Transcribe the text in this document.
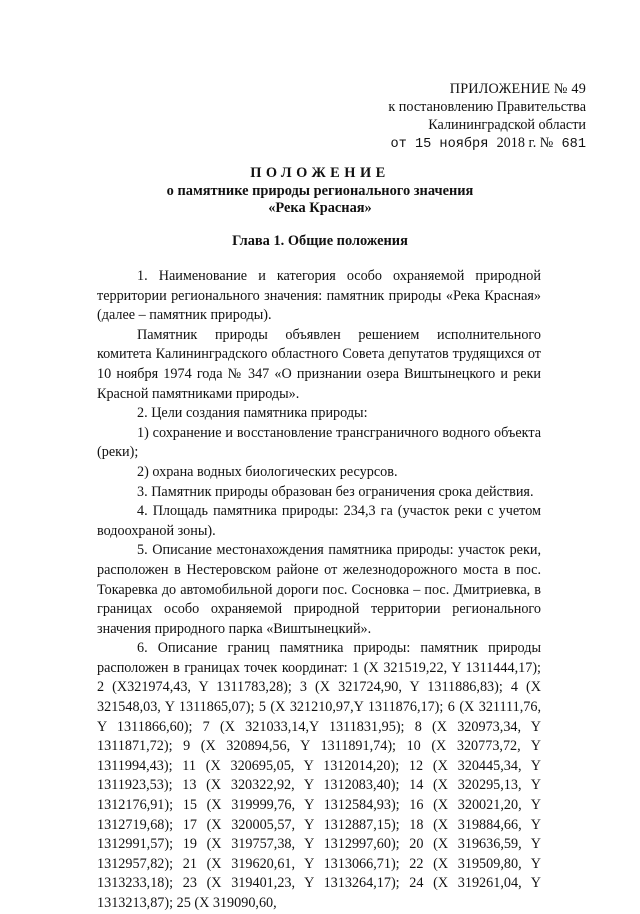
ПРИЛОЖЕНИЕ № 49
к постановлению Правительства
Калининградской области
от 15 ноября 2018 г. № 681
ПОЛОЖЕНИЕ
о памятнике природы регионального значения
«Река Красная»
Глава 1. Общие положения

1. Наименование и категория особо охраняемой природной территории регионального значения: памятник природы «Река Красная» (далее – памятник природы).

Памятник природы объявлен решением исполнительного комитета Калининградского областного Совета депутатов трудящихся от 10 ноября 1974 года № 347 «О признании озера Виштынецкого и реки Красной памятниками природы».

2. Цели создания памятника природы:

1) сохранение и восстановление трансграничного водного объекта (реки);

2) охрана водных биологических ресурсов.

3. Памятник природы образован без ограничения срока действия.

4. Площадь памятника природы: 234,3 га (участок реки с учетом водоохраной зоны).

5. Описание местонахождения памятника природы: участок реки, расположен в Нестеровском районе от железнодорожного моста в пос. Токаревка до автомобильной дороги пос. Сосновка – пос. Дмитриевка, в границах особо охраняемой природной территории регионального значения природного парка «Виштынецкий».

6. Описание границ памятника природы: памятник природы расположен в границах точек координат: 1 (X 321519,22, Y 1311444,17); 2 (X321974,43, Y 1311783,28); 3 (X 321724,90, Y 1311886,83); 4 (X 321548,03, Y 1311865,07); 5 (X 321210,97,Y 1311876,17); 6 (X 321111,76, Y 1311866,60); 7 (X 321033,14,Y 1311831,95); 8 (X 320973,34, Y 1311871,72); 9 (X 320894,56, Y 1311891,74); 10 (X 320773,72, Y 1311994,43); 11 (X 320695,05, Y 1312014,20); 12 (X 320445,34, Y 1311923,53); 13 (X 320322,92, Y 1312083,40); 14 (X 320295,13, Y 1312176,91); 15 (X 319999,76, Y 1312584,93); 16 (X 320021,20, Y 1312719,68); 17 (X 320005,57, Y 1312887,15); 18 (X 319884,66, Y 1312991,57); 19 (X 319757,38, Y 1312997,60); 20 (X 319636,59, Y 1312957,82); 21 (X 319620,61, Y 1313066,71); 22 (X 319509,80, Y 1313233,18); 23 (X 319401,23, Y 1313264,17); 24 (X 319261,04, Y 1313213,87); 25 (X 319090,60,
